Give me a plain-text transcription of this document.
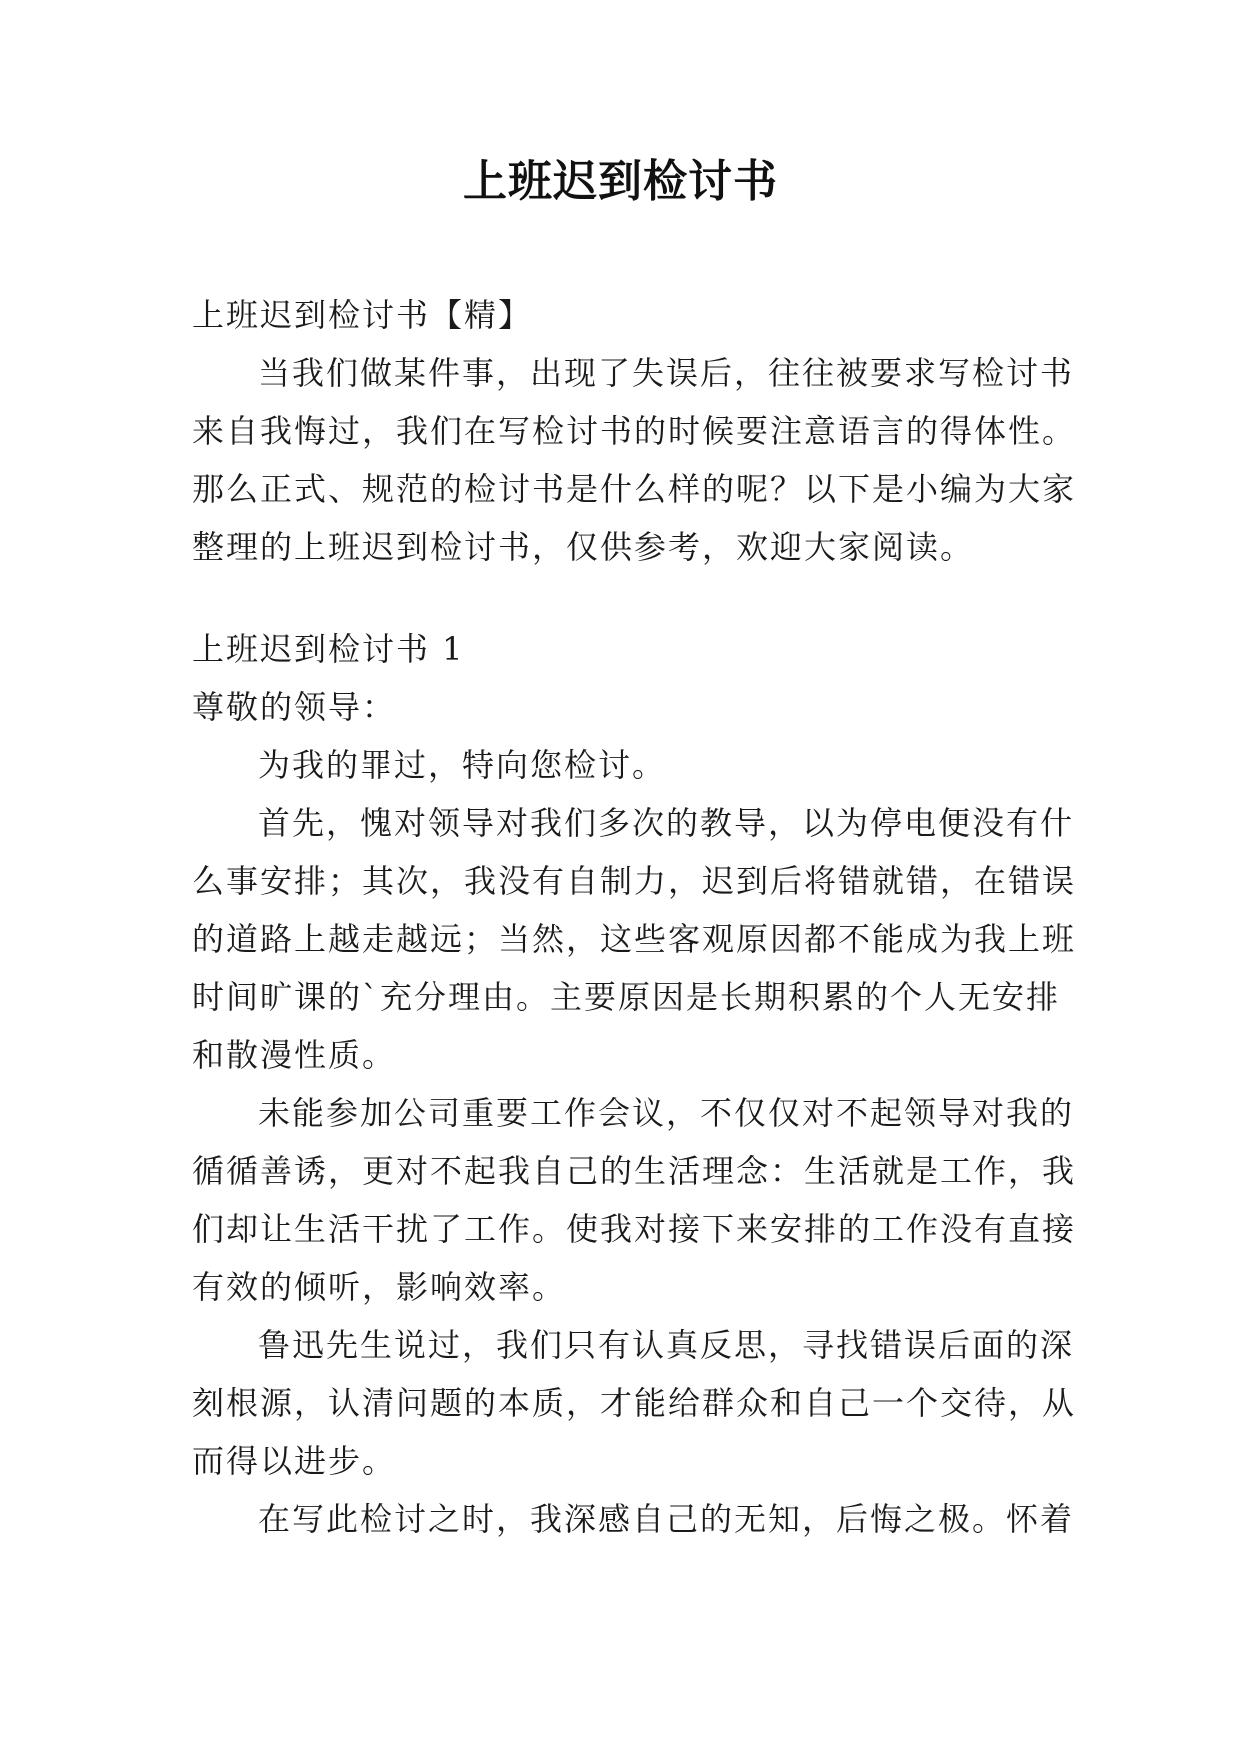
上班迟到检讨书
上班迟到检讨书【精】
当我们做某件事，出现了失误后，往往被要求写检讨书
来自我悔过，我们在写检讨书的时候要注意语言的得体性。
那么正式、规范的检讨书是什么样的呢？以下是小编为大家
整理的上班迟到检讨书，仅供参考，欢迎大家阅读。
上班迟到检讨书 1
尊敬的领导：
为我的罪过，特向您检讨。
首先，愧对领导对我们多次的教导，以为停电便没有什
么事安排；其次，我没有自制力，迟到后将错就错，在错误
的道路上越走越远；当然，这些客观原因都不能成为我上班
时间旷课的`充分理由。主要原因是长期积累的个人无安排
和散漫性质。
未能参加公司重要工作会议，不仅仅对不起领导对我的
循循善诱，更对不起我自己的生活理念：生活就是工作，我
们却让生活干扰了工作。使我对接下来安排的工作没有直接
有效的倾听，影响效率。
鲁迅先生说过，我们只有认真反思，寻找错误后面的深
刻根源，认清问题的本质，才能给群众和自己一个交待，从
而得以进步。
在写此检讨之时，我深感自己的无知，后悔之极。怀着
